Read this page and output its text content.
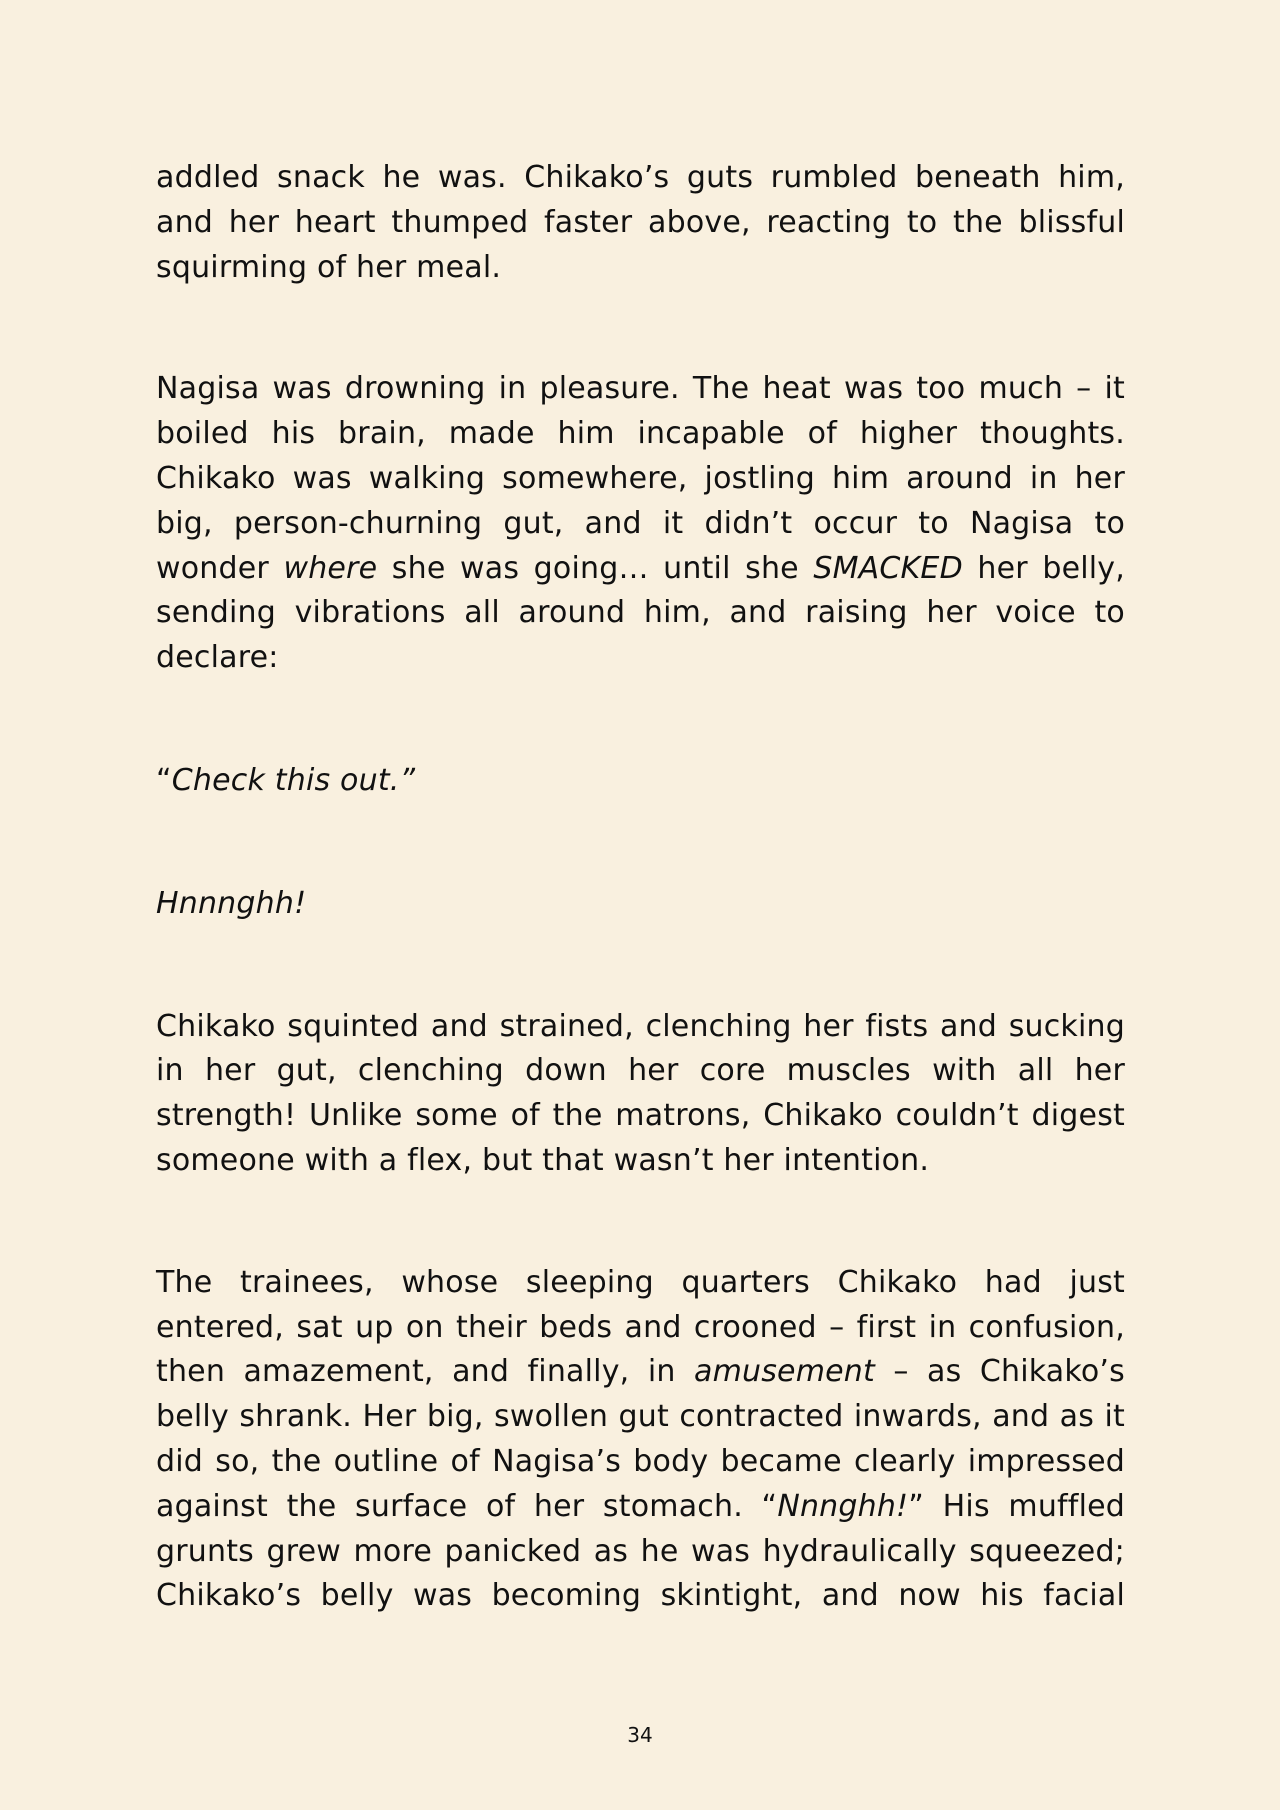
addled snack he was. Chikako’s guts rumbled beneath him, and her heart thumped faster above, reacting to the blissful squirming of her meal.

Nagisa was drowning in pleasure. The heat was too much – it boiled his brain, made him incapable of higher thoughts. Chikako was walking somewhere, jostling him around in her big, person-churning gut, and it didn’t occur to Nagisa to wonder where she was going… until she SMACKED her belly, sending vibrations all around him, and raising her voice to declare:

“Check this out.”

Hnnnghh!

Chikako squinted and strained, clenching her fists and sucking in her gut, clenching down her core muscles with all her strength! Unlike some of the matrons, Chikako couldn’t digest someone with a flex, but that wasn’t her intention.

The trainees, whose sleeping quarters Chikako had just entered, sat up on their beds and crooned – first in confusion, then amazement, and finally, in amusement – as Chikako’s belly shrank. Her big, swollen gut contracted inwards, and as it did so, the outline of Nagisa’s body became clearly impressed against the surface of her stomach. “Nnnghh!” His muffled grunts grew more panicked as he was hydraulically squeezed; Chikako’s belly was becoming skintight, and now his facial

34
